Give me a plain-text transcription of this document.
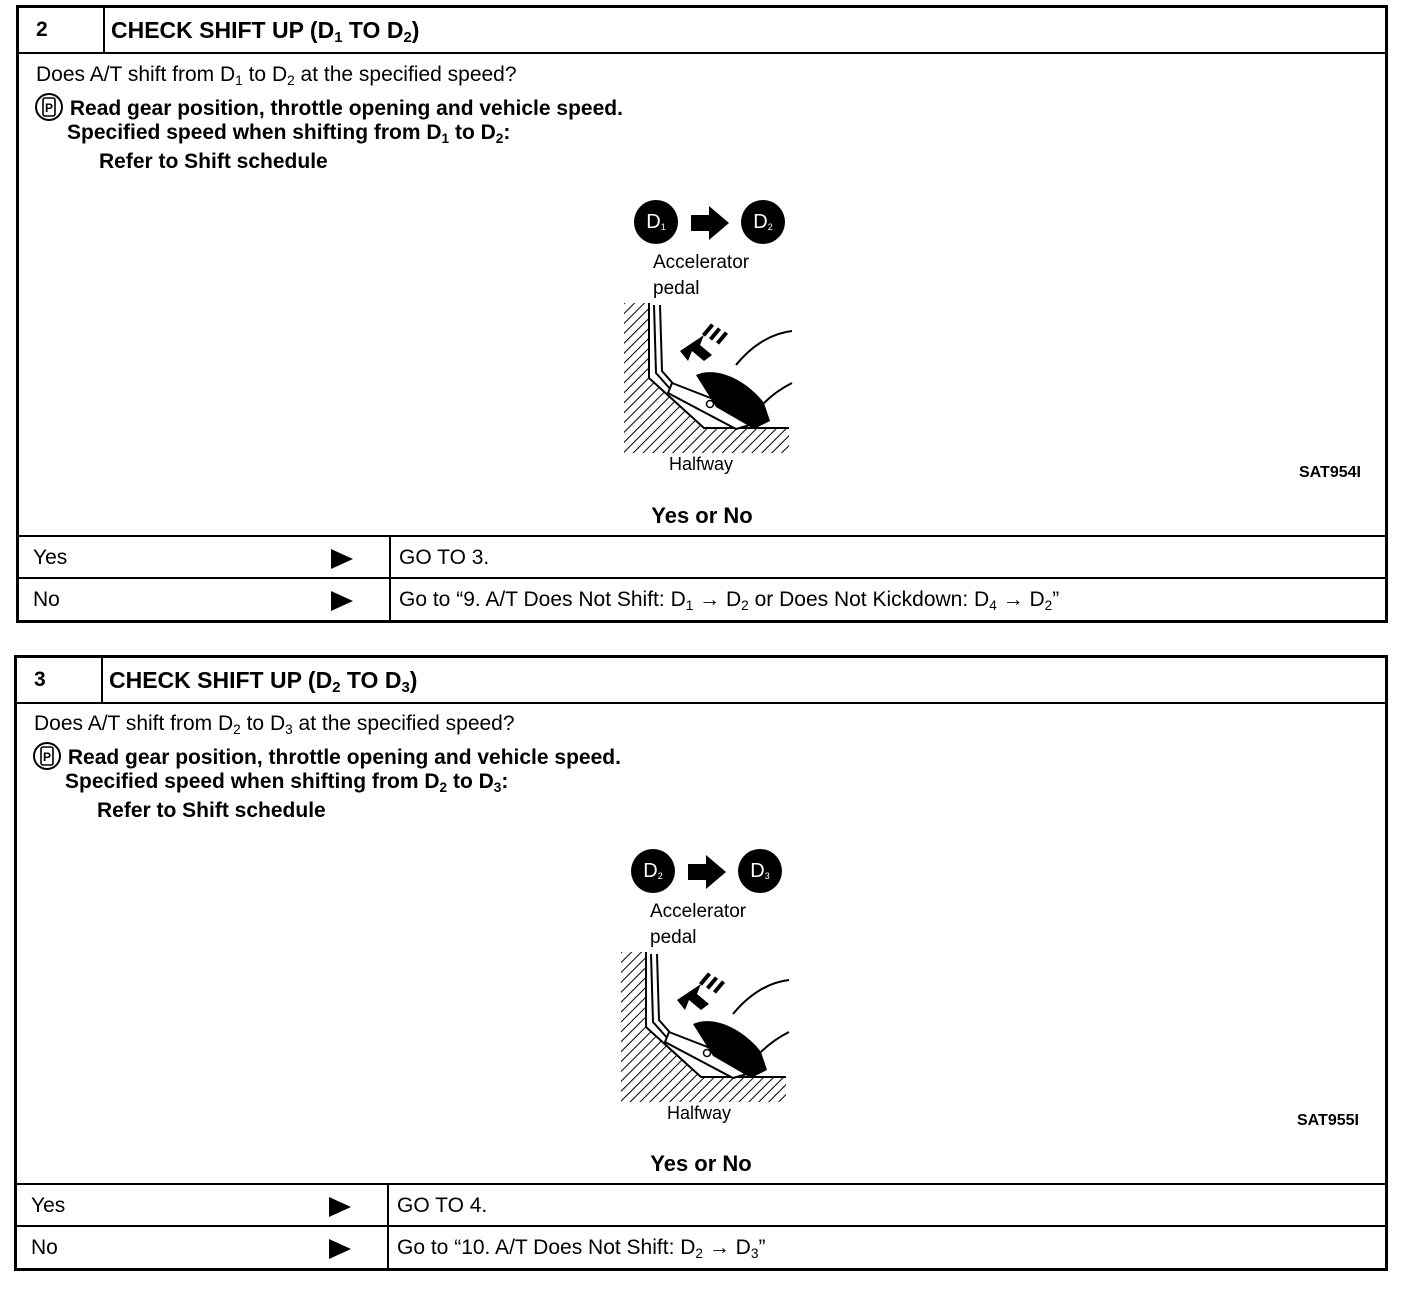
2	CHECK SHIFT UP ($D_1$ TO $D_2$)
Does A/T shift from $D_1$ to $D_2$ at the specified speed?
P Read gear position, throttle opening and vehicle speed.
Specified speed when shifting from $D_1$ to $D_2$:
Refer to Shift schedule
$D_1$	$D_2$
Accelerator
pedal
Halfway	SAT954I
Yes or No
Yes	GO TO 3.
No	Go to “9. A/T Does Not Shift: $D_1 \to D_2$ or Does Not Kickdown: $D_4 \to D_2$”
3	CHECK SHIFT UP ($D_2$ TO $D_3$)
Does A/T shift from $D_2$ to $D_3$ at the specified speed?
P Read gear position, throttle opening and vehicle speed.
Specified speed when shifting from $D_2$ to $D_3$:
Refer to Shift schedule
$D_2$	$D_3$
Accelerator
pedal
Halfway	SAT955I
Yes or No
Yes	GO TO 4.
No	Go to “10. A/T Does Not Shift: $D_2 \to D_3$”
